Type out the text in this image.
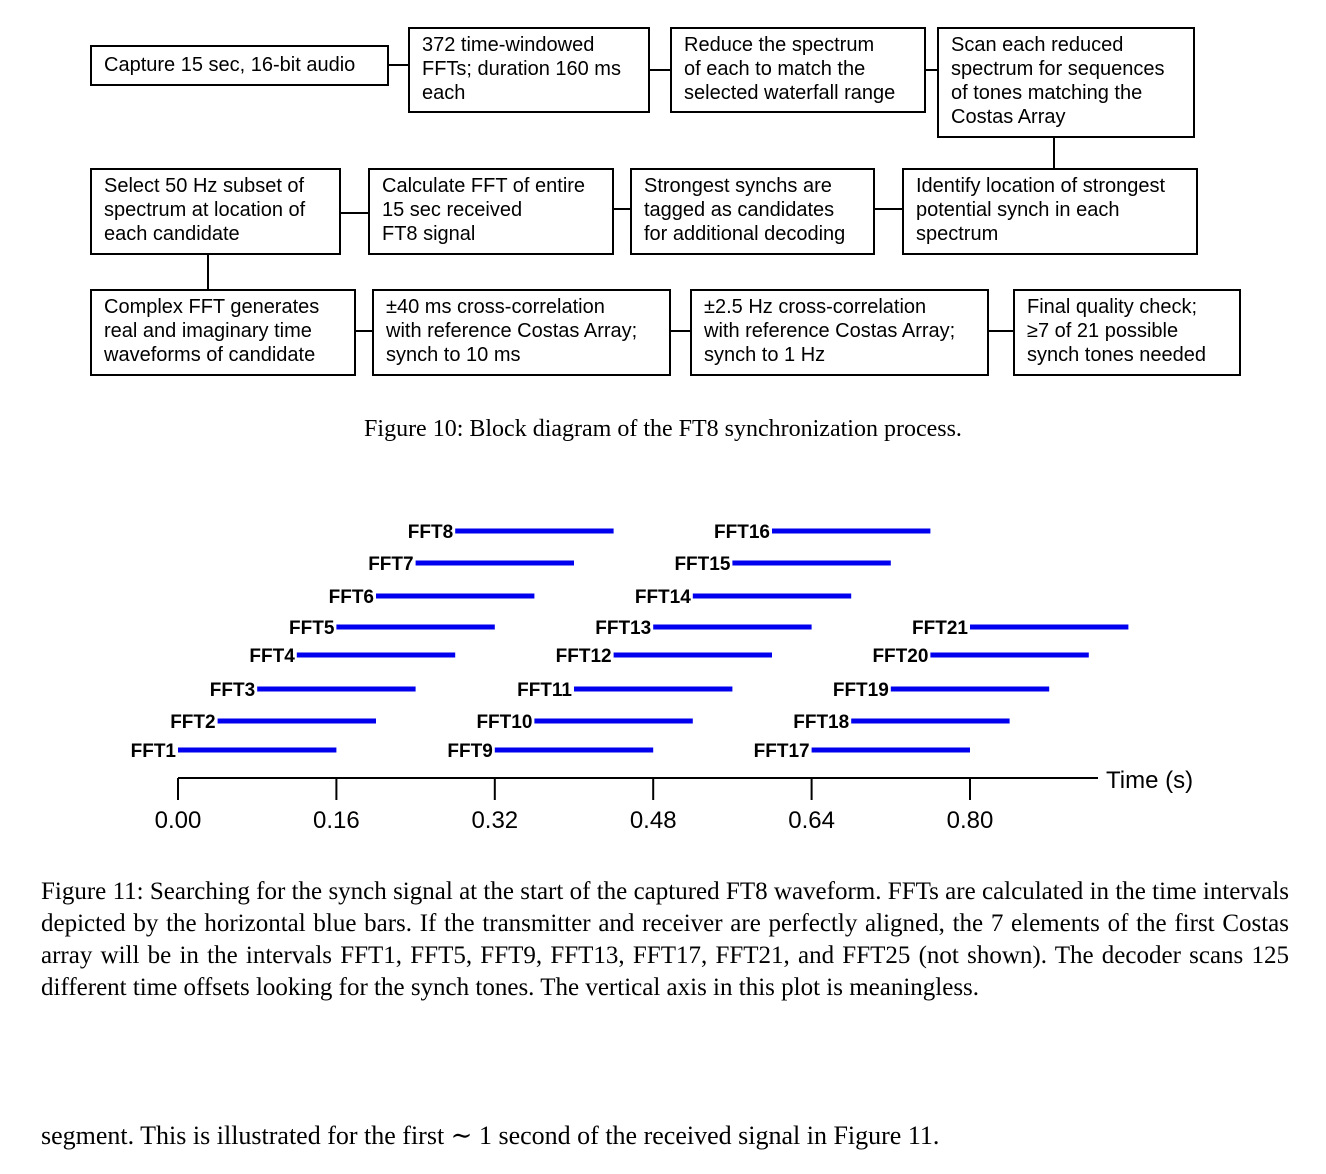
Capture 15 sec, 16-bit audio
372 time-windowed
FFTs; duration 160 ms
each
Reduce the spectrum
of each to match the
selected waterfall range
Scan each reduced
spectrum for sequences
of tones matching the
Costas Array
Select 50 Hz subset of
spectrum at location of
each candidate
Calculate FFT of entire
15 sec received
FT8 signal
Strongest synchs are
tagged as candidates
for additional decoding
Identify location of strongest
potential synch in each
spectrum
Complex FFT generates
real and imaginary time
waveforms of candidate
±40 ms cross-correlation
with reference Costas Array;
synch to 10 ms
±2.5 Hz cross-correlation
with reference Costas Array;
synch to 1 Hz
Final quality check;
≥7 of 21 possible
synch tones needed
Figure 10: Block diagram of the FT8 synchronization process.
FFT1
FFT2
FFT3
FFT4
FFT5
FFT6
FFT7
FFT8
FFT9
FFT10
FFT11
FFT12
FFT13
FFT14
FFT15
FFT16
FFT17
FFT18
FFT19
FFT20
FFT21
0.00	0.16	0.32	0.48	0.64	0.80
Time (s)
Figure 11: Searching for the synch signal at the start of the captured FT8 waveform. FFTs are calculated in the time intervals depicted by the horizontal blue bars. If the transmitter and receiver are perfectly aligned, the 7 elements of the first Costas array will be in the intervals FFT1, FFT5, FFT9, FFT13, FFT17, FFT21, and FFT25 (not shown). The decoder scans 125 different time offsets looking for the synch tones. The vertical axis in this plot is meaningless.
segment. This is illustrated for the first ∼ 1 second of the received signal in Figure 11.
